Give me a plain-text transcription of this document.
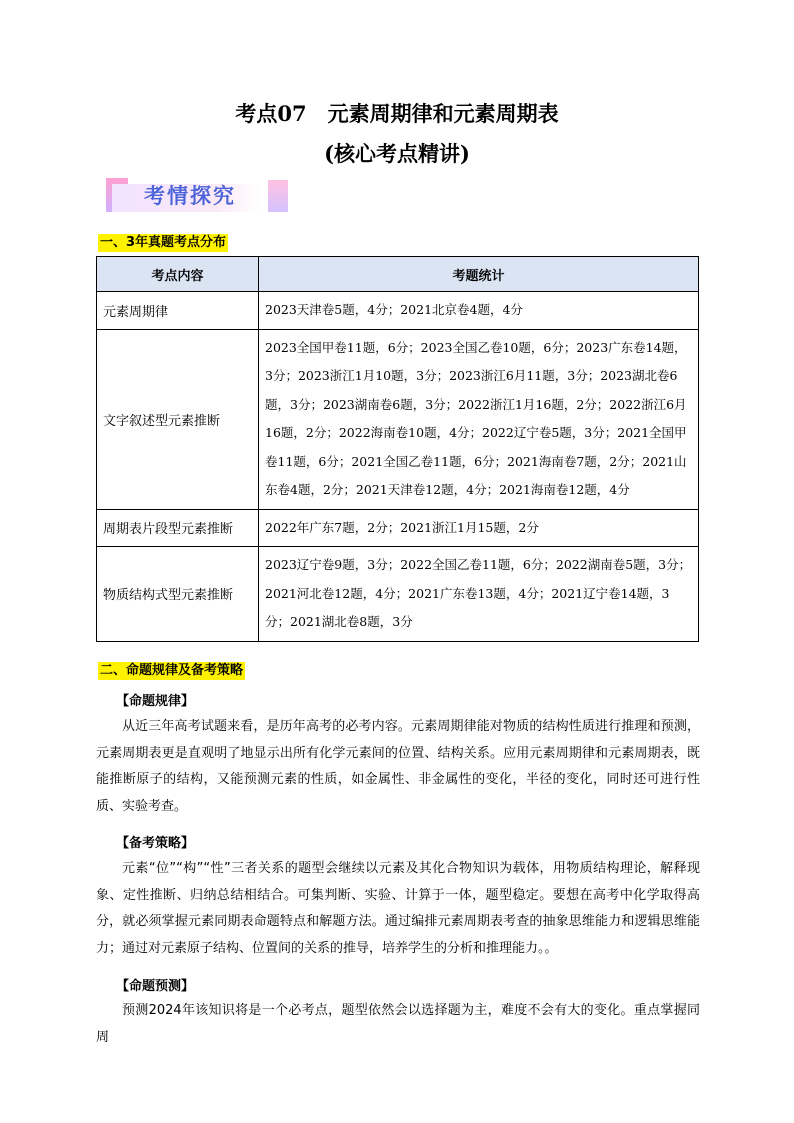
考点07　元素周期律和元素周期表
(核心考点精讲)
考情探究
一、3年真题考点分布
考点内容	考题统计
元素周期律	2023天津卷5题，4分；2021北京卷4题，4分
文字叙述型元素推断	2023全国甲卷11题，6分；2023全国乙卷10题，6分；2023广东卷14题，3分；2023浙江1月10题，3分；2023浙江6月11题，3分；2023湖北卷6题，3分；2023湖南卷6题，3分；2022浙江1月16题，2分；2022浙江6月16题，2分；2022海南卷10题，4分；2022辽宁卷5题，3分；2021全国甲卷11题，6分；2021全国乙卷11题，6分；2021海南卷7题，2分；2021山东卷4题，2分；2021天津卷12题，4分；2021海南卷12题，4分
周期表片段型元素推断	2022年广东7题，2分；2021浙江1月15题，2分
物质结构式型元素推断	2023辽宁卷9题，3分；2022全国乙卷11题，6分；2022湖南卷5题，3分；2021河北卷12题，4分；2021广东卷13题，4分；2021辽宁卷14题，3分；2021湖北卷8题，3分
二、命题规律及备考策略
【命题规律】

从近三年高考试题来看，是历年高考的必考内容。元素周期律能对物质的结构性质进行推理和预测，元素周期表更是直观明了地显示出所有化学元素间的位置、结构关系。应用元素周期律和元素周期表，既能推断原子的结构，又能预测元素的性质，如金属性、非金属性的变化，半径的变化，同时还可进行性质、实验考查。

【备考策略】

元素“位”“构”“性”三者关系的题型会继续以元素及其化合物知识为载体，用物质结构理论，解释现象、定性推断、归纳总结相结合。可集判断、实验、计算于一体，题型稳定。要想在高考中化学取得高分，就必须掌握元素同期表命题特点和解题方法。通过编排元素周期表考查的抽象思维能力和逻辑思维能力；通过对元素原子结构、位置间的关系的推导，培养学生的分析和推理能力。。

【命题预测】

预测2024年该知识将是一个必考点，题型依然会以选择题为主，难度不会有大的变化。重点掌握同周
